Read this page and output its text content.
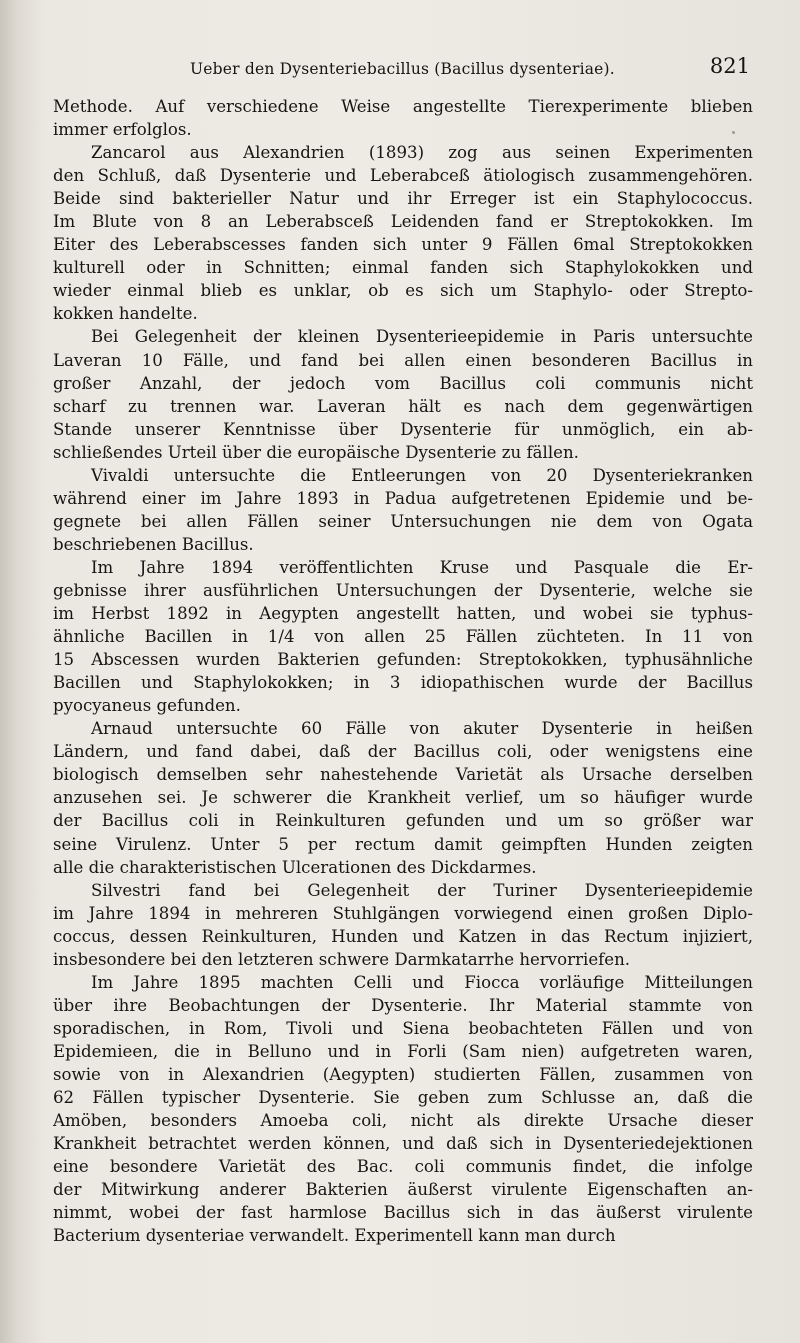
Ueber den Dysenteriebacillus (Bacillus dysenteriae).	821
Methode. Auf verschiedene Weise angestellte Tierexperimente blieben
immer erfolglos.
Zancarol aus Alexandrien (1893) zog aus seinen Experimenten
den Schluß, daß Dysenterie und Leberabceß ätiologisch zusammengehören.
Beide sind bakterieller Natur und ihr Erreger ist ein Staphylococcus.
Im Blute von 8 an Leberabsceß Leidenden fand er Streptokokken. Im
Eiter des Leberabscesses fanden sich unter 9 Fällen 6mal Streptokokken
kulturell oder in Schnitten; einmal fanden sich Staphylokokken und
wieder einmal blieb es unklar, ob es sich um Staphylo- oder Strepto-
kokken handelte.
Bei Gelegenheit der kleinen Dysenterieepidemie in Paris untersuchte
Laveran 10 Fälle, und fand bei allen einen besonderen Bacillus in
großer Anzahl, der jedoch vom Bacillus coli communis nicht
scharf zu trennen war. Laveran hält es nach dem gegenwärtigen
Stande unserer Kenntnisse über Dysenterie für unmöglich, ein ab-
schließendes Urteil über die europäische Dysenterie zu fällen.
Vivaldi untersuchte die Entleerungen von 20 Dysenteriekranken
während einer im Jahre 1893 in Padua aufgetretenen Epidemie und be-
gegnete bei allen Fällen seiner Untersuchungen nie dem von Ogata
beschriebenen Bacillus.
Im Jahre 1894 veröffentlichten Kruse und Pasquale die Er-
gebnisse ihrer ausführlichen Untersuchungen der Dysenterie, welche sie
im Herbst 1892 in Aegypten angestellt hatten, und wobei sie typhus-
ähnliche Bacillen in 1/4 von allen 25 Fällen züchteten. In 11 von
15 Abscessen wurden Bakterien gefunden: Streptokokken, typhusähnliche
Bacillen und Staphylokokken; in 3 idiopathischen wurde der Bacillus
pyocyaneus gefunden.
Arnaud untersuchte 60 Fälle von akuter Dysenterie in heißen
Ländern, und fand dabei, daß der Bacillus coli, oder wenigstens eine
biologisch demselben sehr nahestehende Varietät als Ursache derselben
anzusehen sei. Je schwerer die Krankheit verlief, um so häufiger wurde
der Bacillus coli in Reinkulturen gefunden und um so größer war
seine Virulenz. Unter 5 per rectum damit geimpften Hunden zeigten
alle die charakteristischen Ulcerationen des Dickdarmes.
Silvestri fand bei Gelegenheit der Turiner Dysenterieepidemie
im Jahre 1894 in mehreren Stuhlgängen vorwiegend einen großen Diplo-
coccus, dessen Reinkulturen, Hunden und Katzen in das Rectum injiziert,
insbesondere bei den letzteren schwere Darmkatarrhe hervorriefen.
Im Jahre 1895 machten Celli und Fiocca vorläufige Mitteilungen
über ihre Beobachtungen der Dysenterie. Ihr Material stammte von
sporadischen, in Rom, Tivoli und Siena beobachteten Fällen und von
Epidemieen, die in Belluno und in Forli (Sam nien) aufgetreten waren,
sowie von in Alexandrien (Aegypten) studierten Fällen, zusammen von
62 Fällen typischer Dysenterie. Sie geben zum Schlusse an, daß die
Amöben, besonders Amoeba coli, nicht als direkte Ursache dieser
Krankheit betrachtet werden können, und daß sich in Dysenteriedejektionen
eine besondere Varietät des Bac. coli communis findet, die infolge
der Mitwirkung anderer Bakterien äußerst virulente Eigenschaften an-
nimmt, wobei der fast harmlose Bacillus sich in das äußerst virulente
Bacterium dysenteriae verwandelt. Experimentell kann man durch
